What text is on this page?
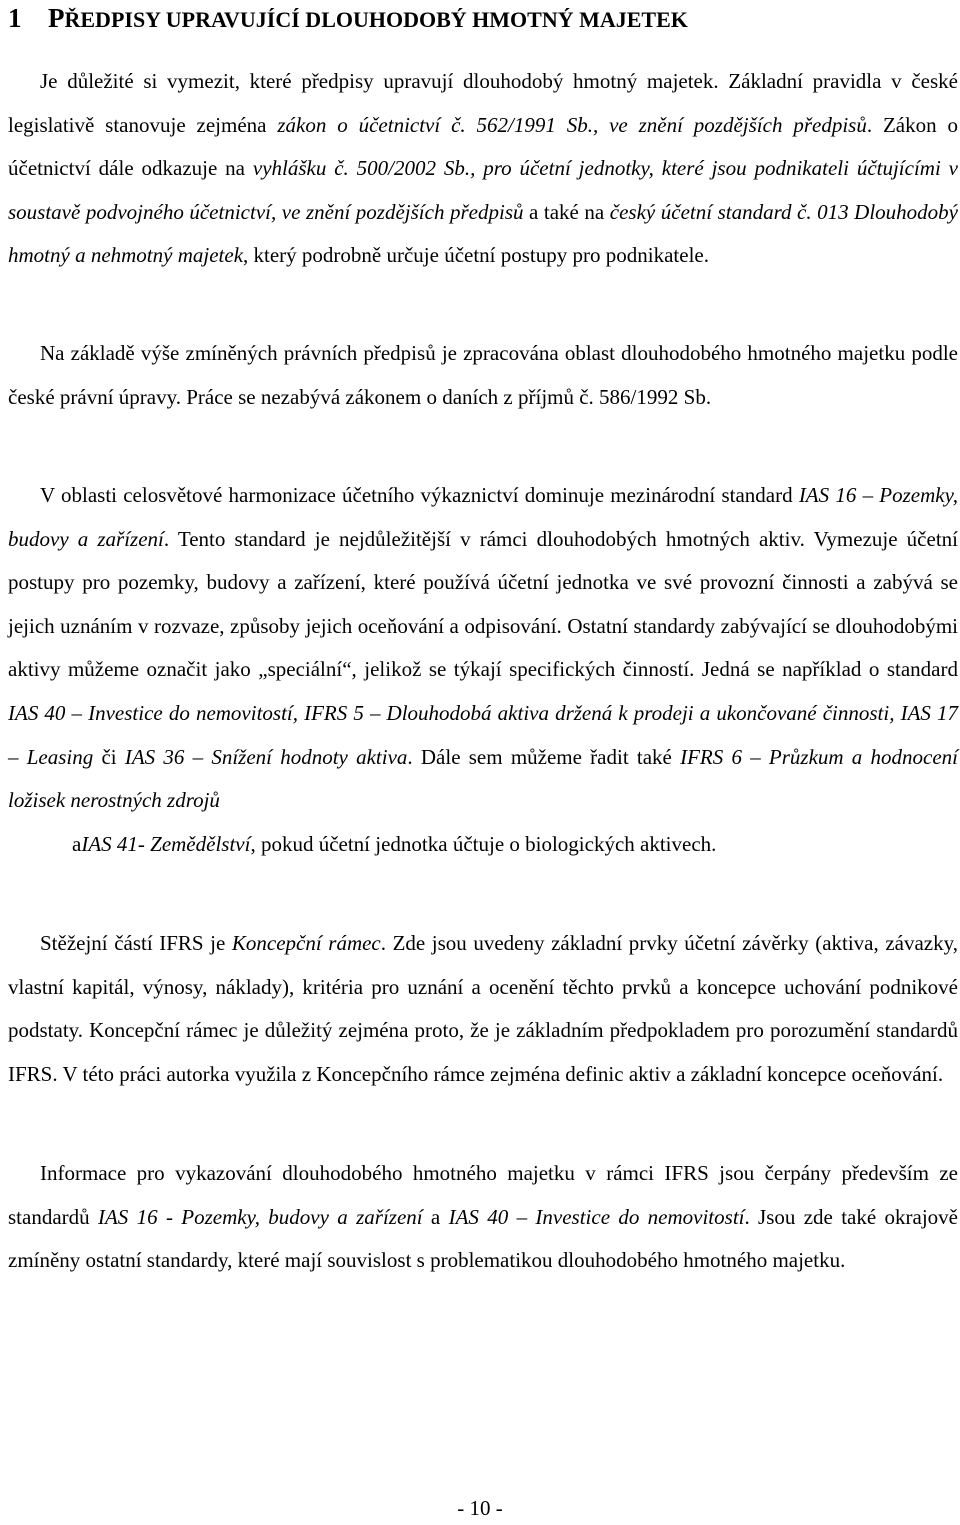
1 PŘEDPISY UPRAVUJÍCÍ DLOUHODOBÝ HMOTNÝ MAJETEK

Je důležité si vymezit, které předpisy upravují dlouhodobý hmotný majetek. Základní pravidla v české legislativě stanovuje zejména zákon o účetnictví č. 562/1991 Sb., ve znění pozdějších předpisů. Zákon o účetnictví dále odkazuje na vyhlášku č. 500/2002 Sb., pro účetní jednotky, které jsou podnikateli účtujícími v soustavě podvojného účetnictví, ve znění pozdějších předpisů a také na český účetní standard č. 013 Dlouhodobý hmotný a nehmotný majetek, který podrobně určuje účetní postupy pro podnikatele.

Na základě výše zmíněných právních předpisů je zpracována oblast dlouhodobého hmotného majetku podle české právní úpravy. Práce se nezabývá zákonem o daních z příjmů č. 586/1992 Sb.

V oblasti celosvětové harmonizace účetního výkaznictví dominuje mezinárodní standard IAS 16 – Pozemky, budovy a zařízení. Tento standard je nejdůležitější v rámci dlouhodobých hmotných aktiv. Vymezuje účetní postupy pro pozemky, budovy a zařízení, které používá účetní jednotka ve své provozní činnosti a zabývá se jejich uznáním v rozvaze, způsoby jejich oceňování a odpisování. Ostatní standardy zabývající se dlouhodobými aktivy můžeme označit jako „speciální“, jelikož se týkají specifických činností. Jedná se například o standard IAS 40 – Investice do nemovitostí, IFRS 5 – Dlouhodobá aktiva držená k prodeji a ukončované činnosti, IAS 17 – Leasing či IAS 36 – Snížení hodnoty aktiva. Dále sem můžeme řadit také IFRS 6 – Průzkum a hodnocení ložisek nerostných zdrojů
aIAS 41- Zemědělství, pokud účetní jednotka účtuje o biologických aktivech.

Stěžejní částí IFRS je Koncepční rámec. Zde jsou uvedeny základní prvky účetní závěrky (aktiva, závazky, vlastní kapitál, výnosy, náklady), kritéria pro uznání a ocenění těchto prvků a koncepce uchování podnikové podstaty. Koncepční rámec je důležitý zejména proto, že je základním předpokladem pro porozumění standardů IFRS. V této práci autorka využila z Koncepčního rámce zejména definic aktiv a základní koncepce oceňování.

Informace pro vykazování dlouhodobého hmotného majetku v rámci IFRS jsou čerpány především ze standardů IAS 16 - Pozemky, budovy a zařízení a IAS 40 – Investice do nemovitostí. Jsou zde také okrajově zmíněny ostatní standardy, které mají souvislost s problematikou dlouhodobého hmotného majetku.

- 10 -
